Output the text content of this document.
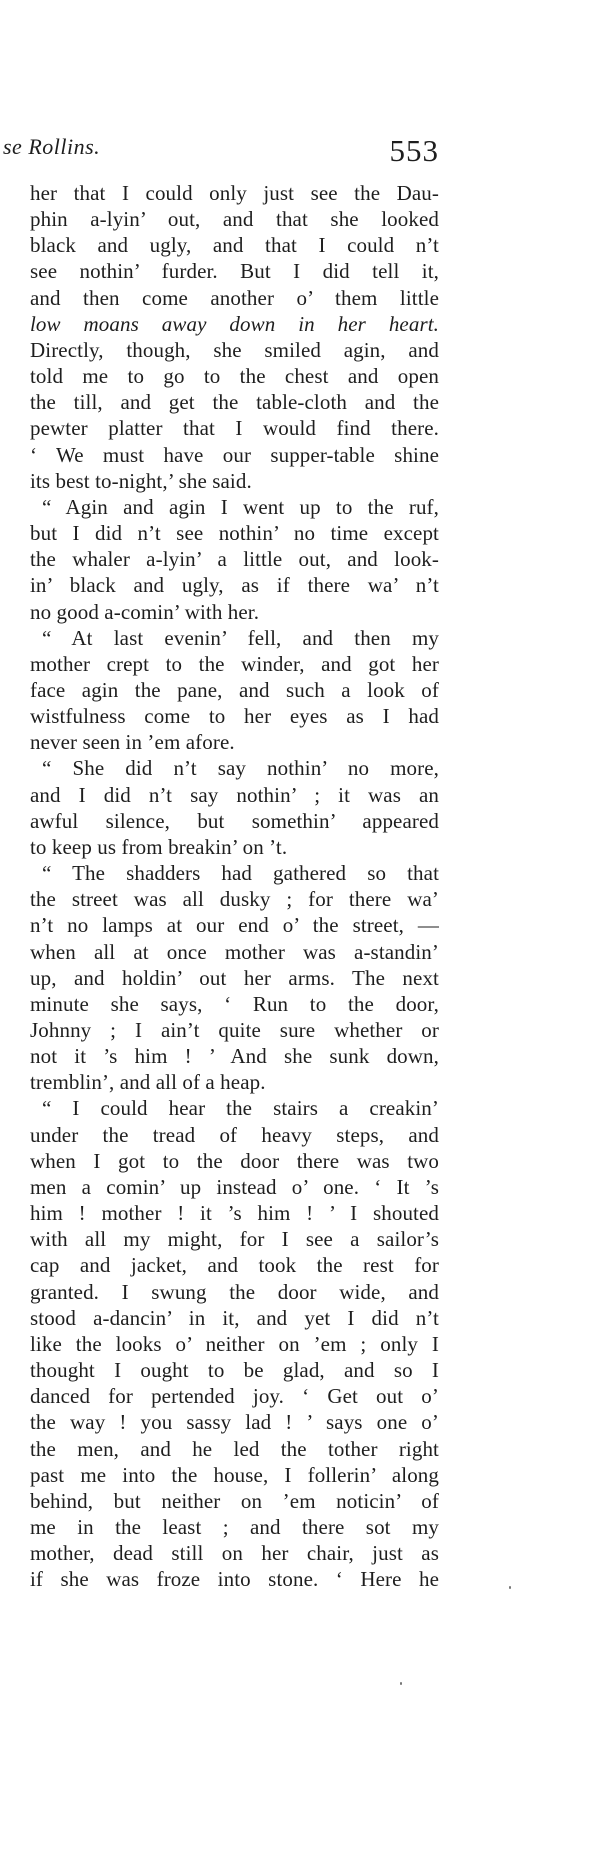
se Rollins.	553
her that I could only just see the Dau-
phin a-lyin’ out, and that she looked
black and ugly, and that I could n’t
see nothin’ furder. But I did tell it,
and then come another o’ them little
low moans away down in her heart.
Directly, though, she smiled agin, and
told me to go to the chest and open
the till, and get the table-cloth and the
pewter platter that I would find there.
‘ We must have our supper-table shine
its best to-night,’ she said.
“ Agin and agin I went up to the ruf,
but I did n’t see nothin’ no time except
the whaler a-lyin’ a little out, and look-
in’ black and ugly, as if there wa’ n’t
no good a-comin’ with her.
“ At last evenin’ fell, and then my
mother crept to the winder, and got her
face agin the pane, and such a look of
wistfulness come to her eyes as I had
never seen in ’em afore.
“ She did n’t say nothin’ no more,
and I did n’t say nothin’ ; it was an
awful silence, but somethin’ appeared
to keep us from breakin’ on ’t.
“ The shadders had gathered so that
the street was all dusky ; for there wa’
n’t no lamps at our end o’ the street, —
when all at once mother was a-standin’
up, and holdin’ out her arms. The next
minute she says, ‘ Run to the door,
Johnny ; I ain’t quite sure whether or
not it ’s him ! ’ And she sunk down,
tremblin’, and all of a heap.
“ I could hear the stairs a creakin’
under the tread of heavy steps, and
when I got to the door there was two
men a comin’ up instead o’ one. ‘ It ’s
him ! mother ! it ’s him ! ’ I shouted
with all my might, for I see a sailor’s
cap and jacket, and took the rest for
granted. I swung the door wide, and
stood a-dancin’ in it, and yet I did n’t
like the looks o’ neither on ’em ; only I
thought I ought to be glad, and so I
danced for pertended joy. ‘ Get out o’
the way ! you sassy lad ! ’ says one o’
the men, and he led the tother right
past me into the house, I follerin’ along
behind, but neither on ’em noticin’ of
me in the least ; and there sot my
mother, dead still on her chair, just as
if she was froze into stone. ‘ Here he
